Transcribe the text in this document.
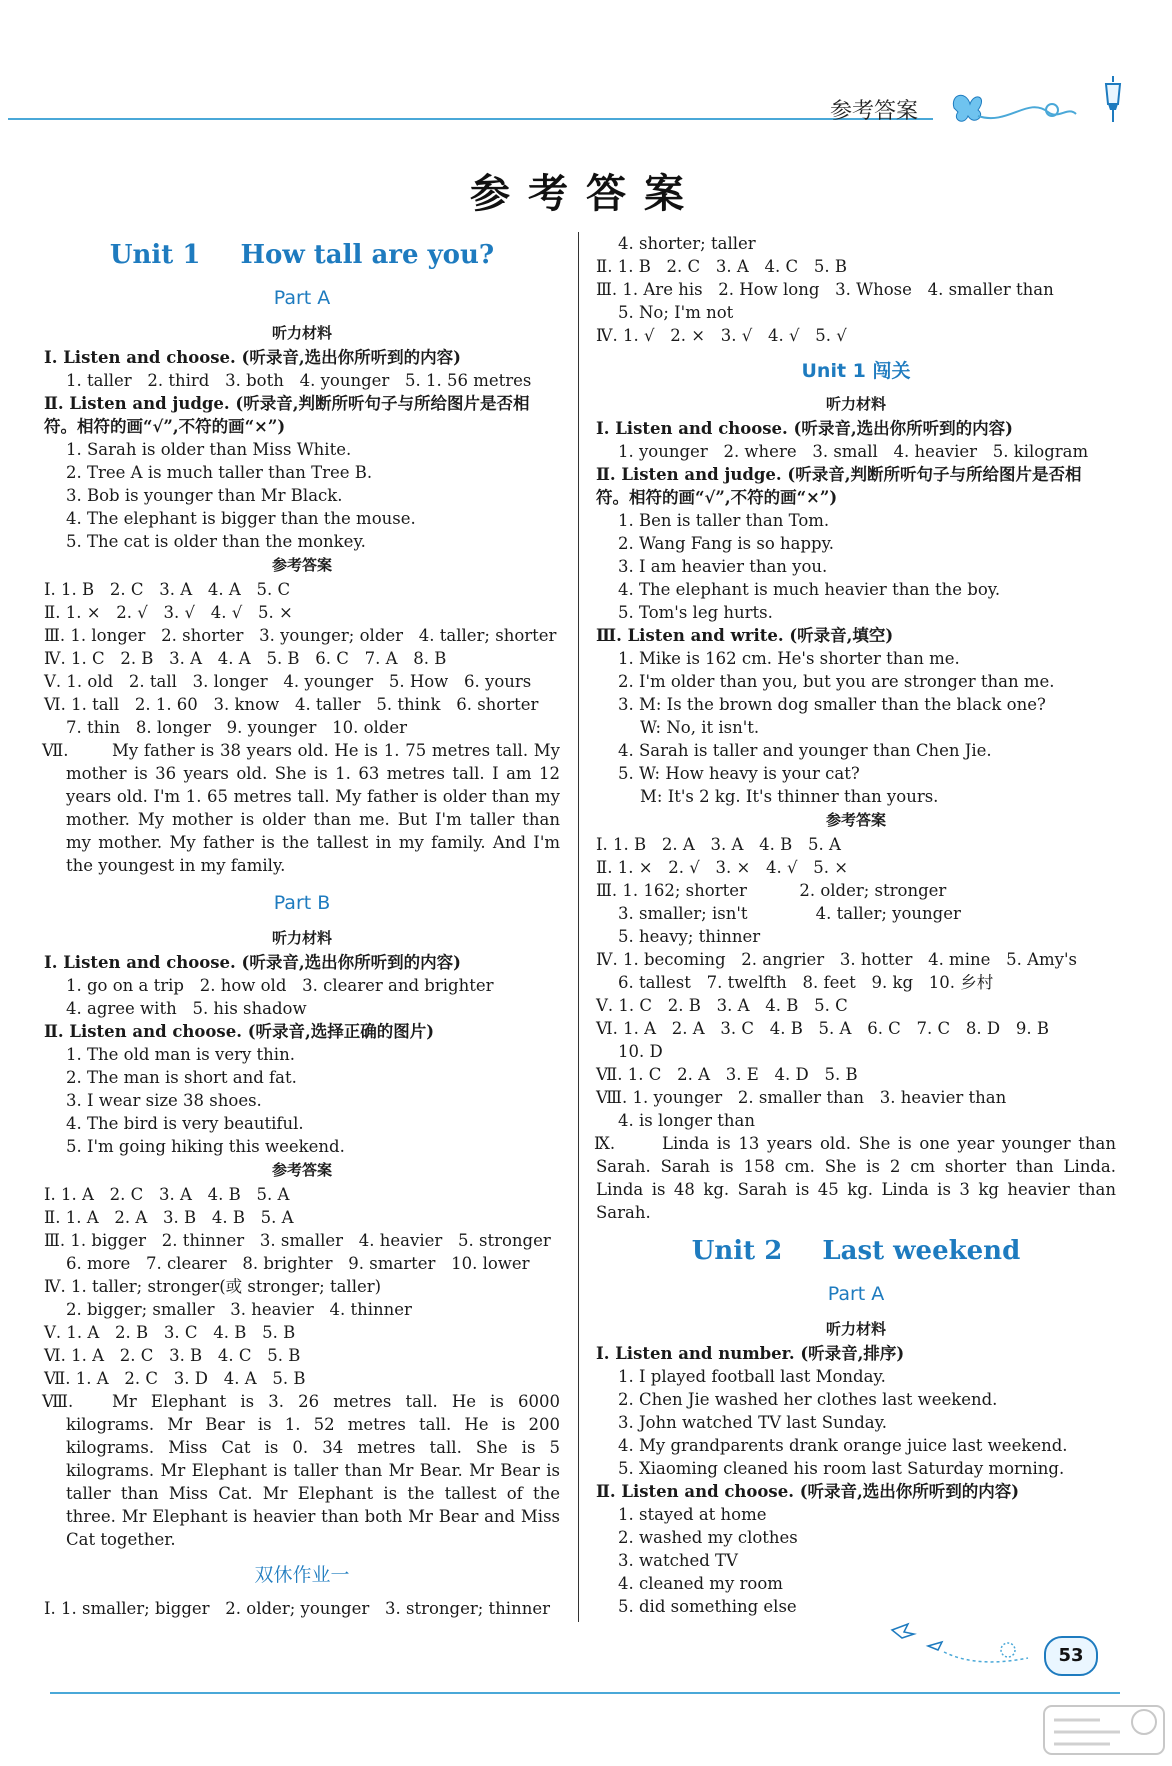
参考答案
参考答案
Unit 1 How tall are you?
Part A
听力材料
Ⅰ. Listen and choose. (听录音,选出你所听到的内容)
1. taller   2. third   3. both   4. younger   5. 1. 56 metres
Ⅱ. Listen and judge. (听录音,判断所听句子与所给图片是否相
符。相符的画“√”,不符的画“×”)
1. Sarah is older than Miss White.
2. Tree A is much taller than Tree B.
3. Bob is younger than Mr Black.
4. The elephant is bigger than the mouse.
5. The cat is older than the monkey.
参考答案
Ⅰ. 1. B   2. C   3. A   4. A   5. C
Ⅱ. 1. ×   2. √   3. √   4. √   5. ×
Ⅲ. 1. longer   2. shorter   3. younger; older   4. taller; shorter
Ⅳ. 1. C   2. B   3. A   4. A   5. B   6. C   7. A   8. B
Ⅴ. 1. old   2. tall   3. longer   4. younger   5. How   6. yours
Ⅵ. 1. tall   2. 1. 60   3. know   4. taller   5. think   6. shorter
7. thin   8. longer   9. younger   10. older
Ⅶ.	My father is 38 years old. He is 1. 75 metres tall. My mother is 36 years old. She is 1. 63 metres tall. I am 12 years old. I'm 1. 65 metres tall. My father is older than my mother. My mother is older than me. But I'm taller than my mother. My father is the tallest in my family. And I'm the youngest in my family.
Part B
听力材料
Ⅰ. Listen and choose. (听录音,选出你所听到的内容)
1. go on a trip   2. how old   3. clearer and brighter
4. agree with   5. his shadow
Ⅱ. Listen and choose. (听录音,选择正确的图片)
1. The old man is very thin.
2. The man is short and fat.
3. I wear size 38 shoes.
4. The bird is very beautiful.
5. I'm going hiking this weekend.
参考答案
Ⅰ. 1. A   2. C   3. A   4. B   5. A
Ⅱ. 1. A   2. A   3. B   4. B   5. A
Ⅲ. 1. bigger   2. thinner   3. smaller   4. heavier   5. stronger
6. more   7. clearer   8. brighter   9. smarter   10. lower
Ⅳ. 1. taller; stronger(或 stronger; taller)
2. bigger; smaller   3. heavier   4. thinner
Ⅴ. 1. A   2. B   3. C   4. B   5. B
Ⅵ. 1. A   2. C   3. B   4. C   5. B
Ⅶ. 1. A   2. C   3. D   4. A   5. B
Ⅷ.	Mr Elephant is 3. 26 metres tall. He is 6000 kilograms. Mr Bear is 1. 52 metres tall. He is 200 kilograms. Miss Cat is 0. 34 metres tall. She is 5 kilograms. Mr Elephant is taller than Mr Bear. Mr Bear is taller than Miss Cat. Mr Elephant is the tallest of the three. Mr Elephant is heavier than both Mr Bear and Miss Cat together.
双休作业一
Ⅰ. 1. smaller; bigger   2. older; younger   3. stronger; thinner
4. shorter; taller
Ⅱ. 1. B   2. C   3. A   4. C   5. B
Ⅲ. 1. Are his   2. How long   3. Whose   4. smaller than
5. No; I'm not
Ⅳ. 1. √   2. ×   3. √   4. √   5. √
Unit 1 闯关
听力材料
Ⅰ. Listen and choose. (听录音,选出你所听到的内容)
1. younger   2. where   3. small   4. heavier   5. kilogram
Ⅱ. Listen and judge. (听录音,判断所听句子与所给图片是否相
符。相符的画“√”,不符的画“×”)
1. Ben is taller than Tom.
2. Wang Fang is so happy.
3. I am heavier than you.
4. The elephant is much heavier than the boy.
5. Tom's leg hurts.
Ⅲ. Listen and write. (听录音,填空)
1. Mike is 162 cm. He's shorter than me.
2. I'm older than you, but you are stronger than me.
3. M: Is the brown dog smaller than the black one?
W: No, it isn't.
4. Sarah is taller and younger than Chen Jie.
5. W: How heavy is your cat?
M: It's 2 kg. It's thinner than yours.
参考答案
Ⅰ. 1. B   2. A   3. A   4. B   5. A
Ⅱ. 1. ×   2. √   3. ×   4. √   5. ×
Ⅲ. 1. 162; shorter          2. older; stronger
3. smaller; isn't             4. taller; younger
5. heavy; thinner
Ⅳ. 1. becoming   2. angrier   3. hotter   4. mine   5. Amy's
6. tallest   7. twelfth   8. feet   9. kg   10. 乡村
Ⅴ. 1. C   2. B   3. A   4. B   5. C
Ⅵ. 1. A   2. A   3. C   4. B   5. A   6. C   7. C   8. D   9. B
10. D
Ⅶ. 1. C   2. A   3. E   4. D   5. B
Ⅷ. 1. younger   2. smaller than   3. heavier than
4. is longer than
Ⅸ.	Linda is 13 years old. She is one year younger than Sarah. Sarah is 158 cm. She is 2 cm shorter than Linda. Linda is 48 kg. Sarah is 45 kg. Linda is 3 kg heavier than Sarah.
Unit 2 Last weekend
Part A
听力材料
Ⅰ. Listen and number. (听录音,排序)
1. I played football last Monday.
2. Chen Jie washed her clothes last weekend.
3. John watched TV last Sunday.
4. My grandparents drank orange juice last weekend.
5. Xiaoming cleaned his room last Saturday morning.
Ⅱ. Listen and choose. (听录音,选出你所听到的内容)
1. stayed at home
2. washed my clothes
3. watched TV
4. cleaned my room
5. did something else
53
